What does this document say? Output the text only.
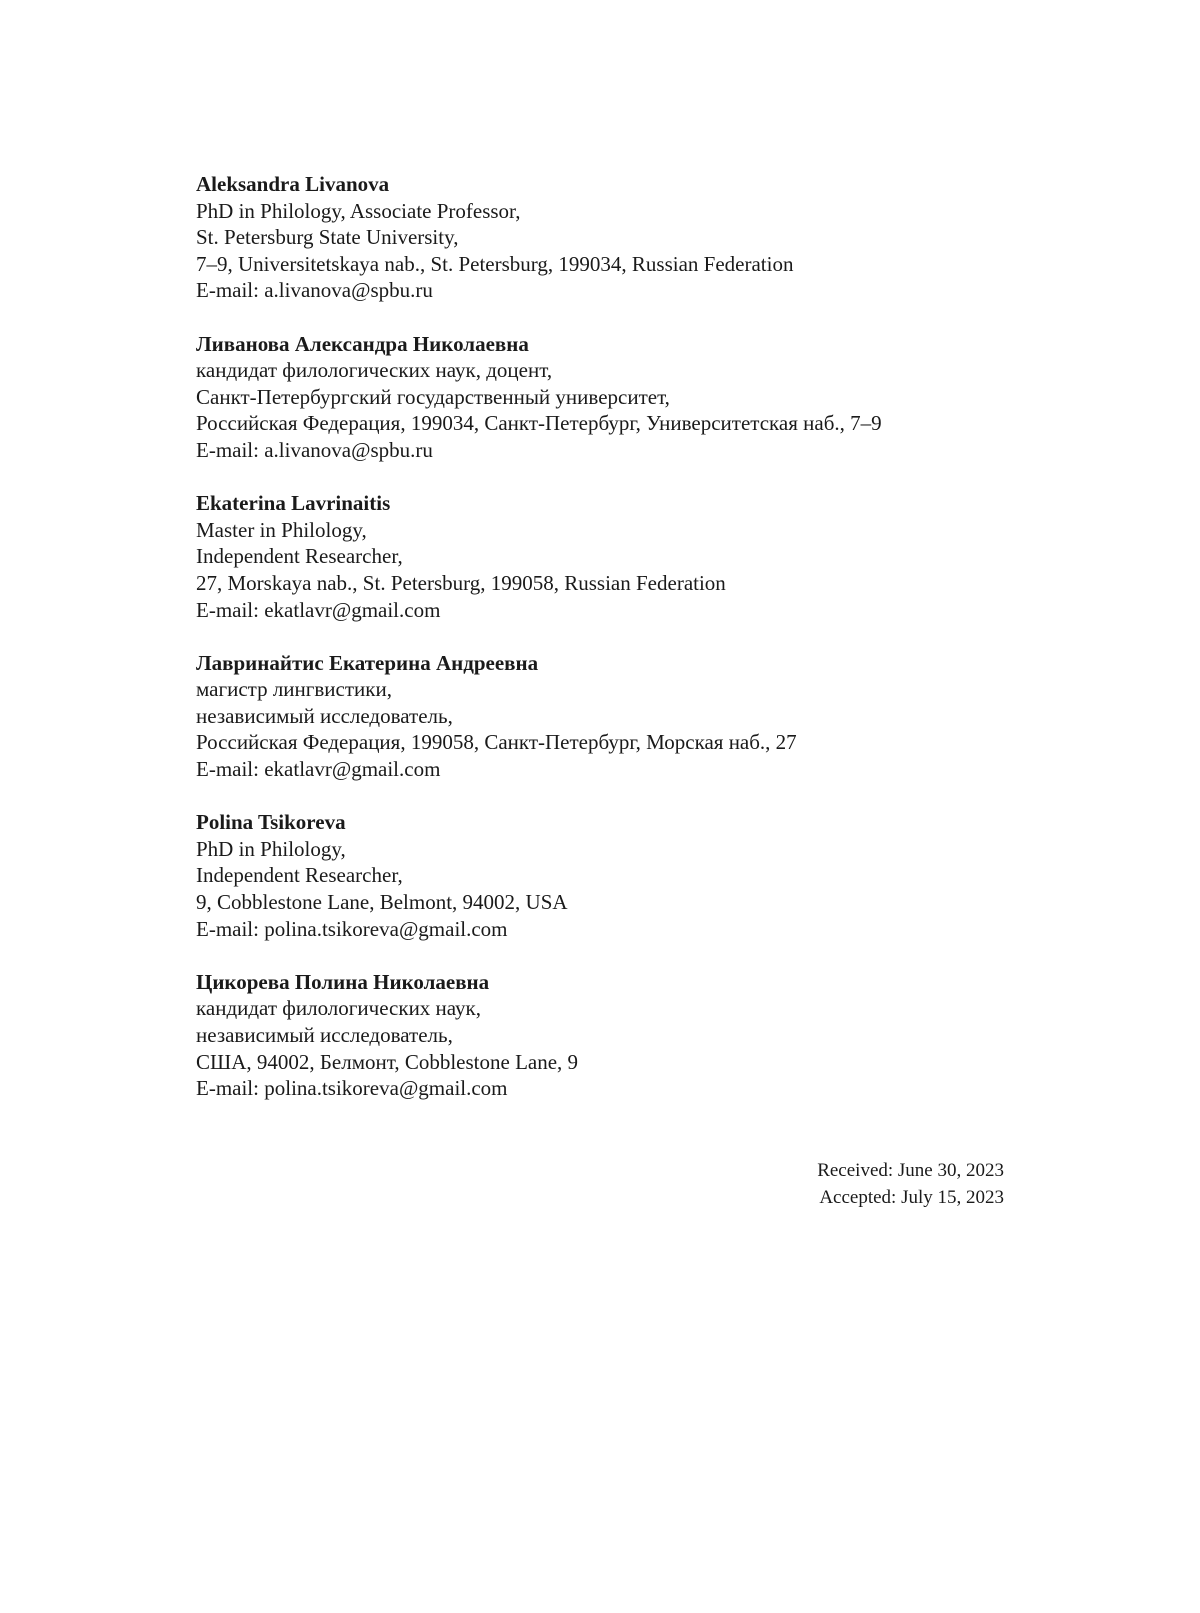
Aleksandra Livanova
PhD in Philology, Associate Professor,
St. Petersburg State University,
7–9, Universitetskaya nab., St. Petersburg, 199034, Russian Federation
E-mail: a.livanova@spbu.ru
Ливанова Александра Николаевна
кандидат филологических наук, доцент,
Санкт-Петербургский государственный университет,
Российская Федерация, 199034, Санкт-Петербург, Университетская наб., 7–9
E-mail: a.livanova@spbu.ru
Ekaterina Lavrinaitis
Master in Philology,
Independent Researcher,
27, Morskaya nab., St. Petersburg, 199058, Russian Federation
E-mail: ekatlavr@gmail.com
Лавринайтис Екатерина Андреевна
магистр лингвистики,
независимый исследователь,
Российская Федерация, 199058, Санкт-Петербург, Морская наб., 27
E-mail: ekatlavr@gmail.com
Polina Tsikoreva
PhD in Philology,
Independent Researcher,
9, Cobblestone Lane, Belmont, 94002, USA
E-mail: polina.tsikoreva@gmail.com
Цикорева Полина Николаевна
кандидат филологических наук,
независимый исследователь,
США, 94002, Белмонт, Cobblestone Lane, 9
E-mail: polina.tsikoreva@gmail.com
Received: June 30, 2023
Accepted: July 15, 2023
